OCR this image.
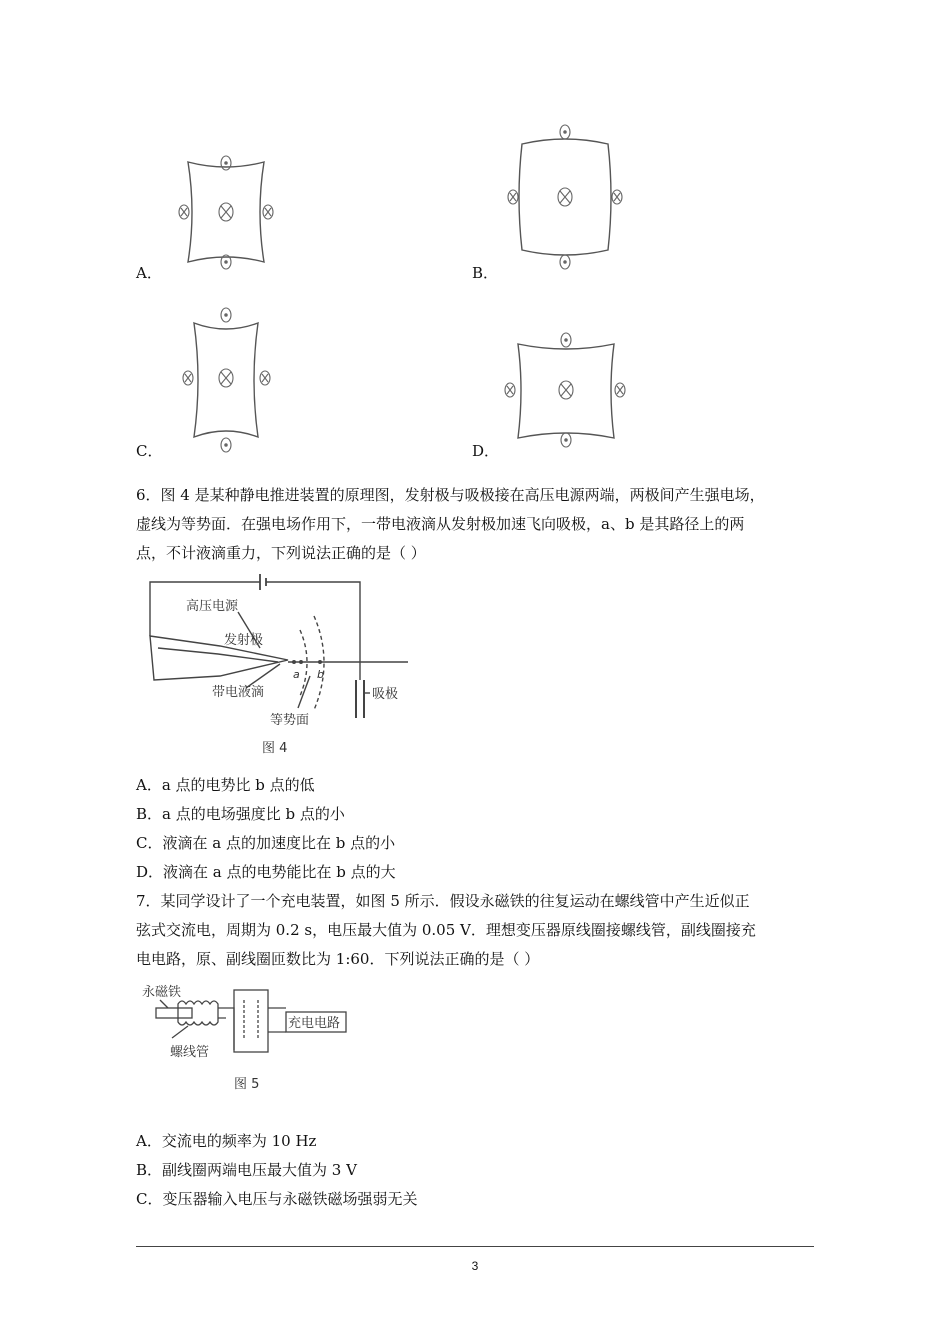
A．	B．
C．	D．
6．图 4 是某种静电推进装置的原理图，发射极与吸极接在高压电源两端，两极间产生强电场，
虚线为等势面．在强电场作用下，一带电液滴从发射极加速飞向吸极，a、b 是其路径上的两
点，不计液滴重力，下列说法正确的是（ ）
高压电源
发射极
带电液滴
等势面
吸极
a b
图 4
A．a 点的电势比 b 点的低
B．a 点的电场强度比 b 点的小
C．液滴在 a 点的加速度比在 b 点的小
D．液滴在 a 点的电势能比在 b 点的大
7．某同学设计了一个充电装置，如图 5 所示．假设永磁铁的往复运动在螺线管中产生近似正
弦式交流电，周期为 0.2 s，电压最大值为 0.05 V．理想变压器原线圈接螺线管，副线圈接充
电电路，原、副线圈匝数比为 1:60．下列说法正确的是（ ）
永磁铁
充电电路
螺线管
图 5
A．交流电的频率为 10 Hz
B．副线圈两端电压最大值为 3 V
C．变压器输入电压与永磁铁磁场强弱无关
3
